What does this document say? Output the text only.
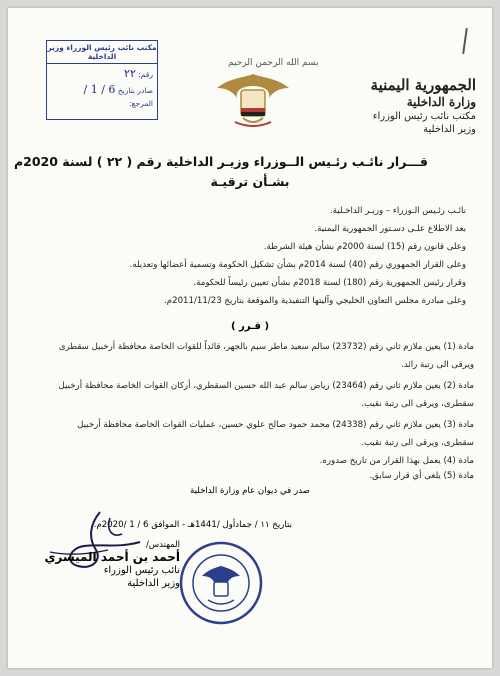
مكتب نائب رئيس الوزراء وزير الداخلية
رقم: ٢٢
صادر بتاريخ 6 / 1 /
المرجع:
بسم الله الرحمن الرحيم
الجمهورية اليمنية
وزارة الداخلية
مكتب نائب رئيس الوزراء
وزير الداخلية
قـــرار نائـب رئـيس الــوزراء وزيـر الداخلية رقم ( ٢٢ ) لسنة 2020م
بشـأن ترقيـة
نائـب رئـيس الـوزراء – وزيـر الداخـلية.
بعد الاطلاع علـى دسـتور الجمهورية اليمنية.
وعلى قانون رقم (15) لسنة 2000م بشأن هيئة الشرطة.
وعلى القرار الجمهوري رقم (40) لسنة 2014م بشأن تشكيل الحكومة وتسمية أعضائها وتعديله.
وقرار رئيس الجمهورية رقم (180) لسنة 2018م بشأن تعيين رئيساً للحكومة.
وعلى مبادرة مجلس التعاون الخليجي وآليتها التنفيذية والموقعة بتاريخ 2011/11/23م.
( قـرر )
مادة (1) يعين ملازم ثاني رقم (23732) سالم سعيد ماطر سيم بالجهر، قائداً للقوات الخاصة محافظة أرخبيل سقطرى
ويرقى الى رتبة رائد.
مادة (2) يعين ملازم ثاني رقم (23464) رياض سالم عبد الله حسين السقطري، أركان القوات الخاصة محافظة أرخبيل
سقطرى، ويرقى الى رتبة نقيب.
مادة (3) يعين ملازم ثاني رقم (24338) محمد حمود صالح علوي حسين، عمليات القوات الخاصة محافظة أرخبيل
سقطرى، ويرقى الى رتبة نقيب.
مادة (4) يعمل بهذا القرار من تاريخ صدوره.
مادة (5) يلغى أي قرار سابق.
صدر في ديوان عام وزارة الداخلية
بتاريخ ١١ / جمادأول /1441هـ - الموافق 6 / 1 /2020م.
المهندس/
أحمد بن أحمد الميسري
نائب رئيس الوزراء
وزير الداخلية
